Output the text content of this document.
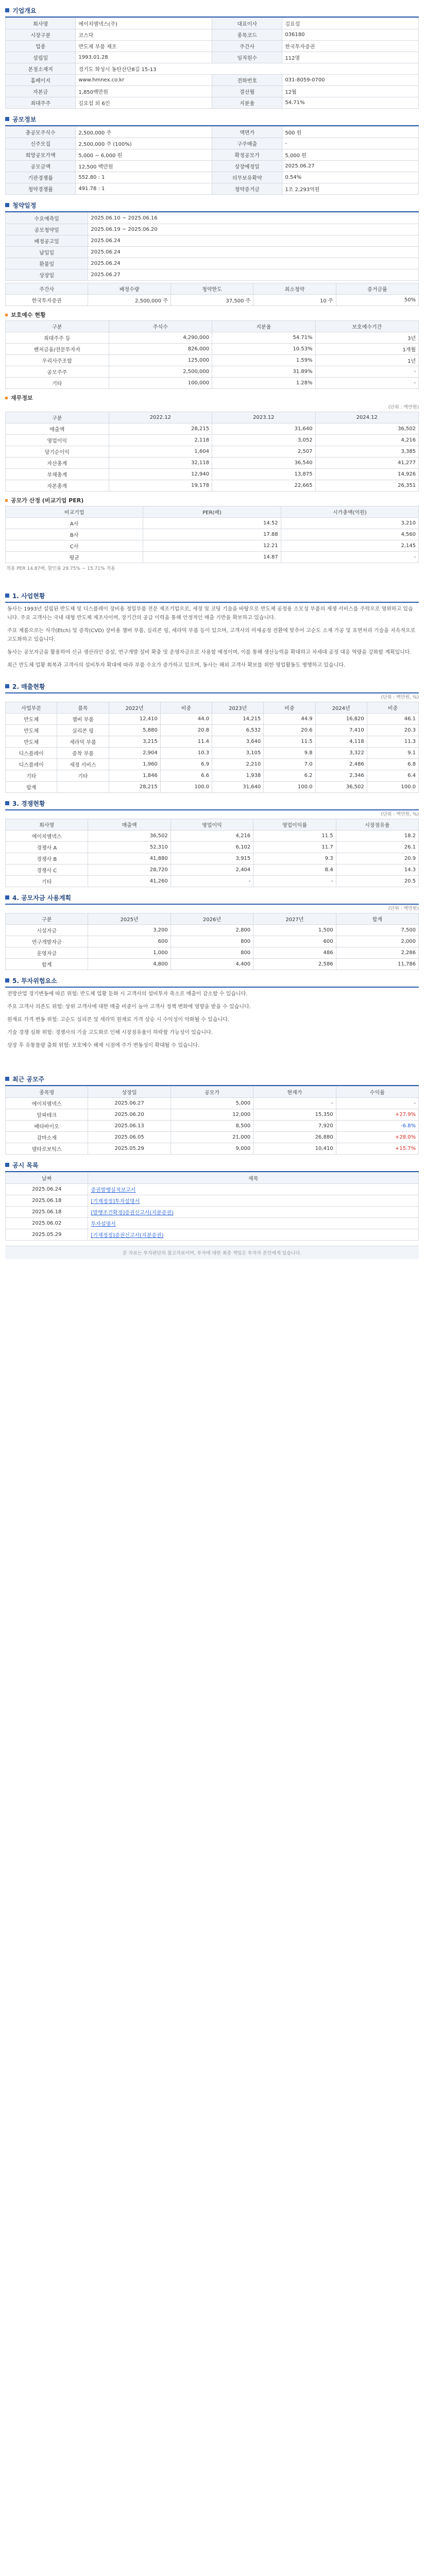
기업개요
회사명	에이치엠넥스(주)	대표이사	김요섭
시장구분	코스닥	종목코드	036180
업종	반도체 부품 제조	주간사	한국투자증권
설립일	1993.01.28	임직원수	112명
본점소재지	경기도 화성시 동탄산단8길 15-13		
홈페이지	www.hmnex.co.kr	전화번호	031-8059-0700
자본금	1,850백만원	결산월	12월
최대주주	김요섭 외 6인	지분율	54.71%
공모정보
총공모주식수	2,500,000 주	액면가	500 원
신주모집	2,500,000 주 (100%)	구주매출	-
희망공모가액	5,000 ~ 6,000 원	확정공모가	5,000 원
공모금액	12,500 백만원	상장예정일	2025.06.27
기관경쟁률	552.80 : 1	의무보유확약	0.54%
청약경쟁률	491.78 : 1	청약증거금	1조 2,293억원
청약일정
수요예측일	2025.06.10 ~ 2025.06.16
공모청약일	2025.06.19 ~ 2025.06.20
배정공고일	2025.06.24
납입일	2025.06.24
환불일	2025.06.24
상장일	2025.06.27
주간사	배정수량	청약한도	최소청약	증거금률
한국투자증권	2,500,000 주	37,500 주	10 주	50%
보호예수 현황
구분	주식수	지분율	보호예수기간
최대주주 등	4,290,000	54.71%	3년
벤처금융/전문투자자	826,000	10.53%	1개월
우리사주조합	125,000	1.59%	1년
공모주주	2,500,000	31.89%	-
기타	100,000	1.28%	-
재무정보
(단위 : 백만원)
구분	2022.12	2023.12	2024.12
매출액	28,215	31,640	36,502
영업이익	2,118	3,052	4,216
당기순이익	1,604	2,507	3,385
자산총계	32,118	36,540	41,277
부채총계	12,940	13,875	14,926
자본총계	19,178	22,665	26,351
공모가 산정 (비교기업 PER)
비교기업	PER(배)	시가총액(억원)
A사	14.52	3,210
B사	17.88	4,560
C사	12.21	2,145
평균	14.87	-
적용 PER 14.87배, 할인율 29.75% ~ 15.71% 적용
1. 사업현황

동사는 1993년 설립된 반도체 및 디스플레이 장비용 정밀부품 전문 제조기업으로, 세정 및 코팅 기술을 바탕으로 반도체 공정용 소모성 부품의 재생 서비스를 주력으로 영위하고 있습니다. 주요 고객사는 국내 대형 반도체 제조사이며, 장기간의 공급 이력을 통해 안정적인 매출 기반을 확보하고 있습니다.

주요 제품으로는 식각(Etch) 및 증착(CVD) 장비용 챔버 부품, 실리콘 링, 세라믹 부품 등이 있으며, 고객사의 미세공정 전환에 맞추어 고순도 소재 가공 및 표면처리 기술을 지속적으로 고도화하고 있습니다.

동사는 공모자금을 활용하여 신규 생산라인 증설, 연구개발 설비 확충 및 운영자금으로 사용할 예정이며, 이를 통해 생산능력을 확대하고 차세대 공정 대응 역량을 강화할 계획입니다.

최근 반도체 업황 회복과 고객사의 설비투자 확대에 따라 부품 수요가 증가하고 있으며, 동사는 해외 고객사 확보를 위한 영업활동도 병행하고 있습니다.

2. 매출현황
(단위 : 백만원, %)
사업부문	품목	2022년	비중	2023년	비중	2024년	비중
반도체	챔버 부품	12,410	44.0	14,215	44.9	16,820	46.1
반도체	실리콘 링	5,880	20.8	6,532	20.6	7,410	20.3
반도체	세라믹 부품	3,215	11.4	3,640	11.5	4,118	11.3
디스플레이	증착 부품	2,904	10.3	3,105	9.8	3,322	9.1
디스플레이	세정 서비스	1,960	6.9	2,210	7.0	2,486	6.8
기타	기타	1,846	6.6	1,938	6.2	2,346	6.4
합계		28,215	100.0	31,640	100.0	36,502	100.0
3. 경쟁현황
(단위 : 백만원, %)
회사명	매출액	영업이익	영업이익률	시장점유율
에이치엠넥스	36,502	4,216	11.5	18.2
경쟁사 A	52,310	6,102	11.7	26.1
경쟁사 B	41,880	3,915	9.3	20.9
경쟁사 C	28,720	2,404	8.4	14.3
기타	41,260	-	-	20.5
4. 공모자금 사용계획
(단위 : 백만원)
구분	2025년	2026년	2027년	합계
시설자금	3,200	2,800	1,500	7,500
연구개발자금	600	800	600	2,000
운영자금	1,000	800	486	2,286
합계	4,800	4,400	2,586	11,786
5. 투자위험요소

전방산업 경기변동에 따른 위험: 반도체 업황 둔화 시 고객사의 설비투자 축소로 매출이 감소할 수 있습니다.

주요 고객사 의존도 위험: 상위 고객사에 대한 매출 비중이 높아 고객사 정책 변화에 영향을 받을 수 있습니다.

원재료 가격 변동 위험: 고순도 실리콘 및 세라믹 원재료 가격 상승 시 수익성이 악화될 수 있습니다.

기술 경쟁 심화 위험: 경쟁사의 기술 고도화로 인해 시장점유율이 하락할 가능성이 있습니다.

상장 후 유통물량 출회 위험: 보호예수 해제 시점에 주가 변동성이 확대될 수 있습니다.

최근 공모주
종목명	상장일	공모가	현재가	수익률
에이치엠넥스	2025.06.27	5,000	-	-
알파테크	2025.06.20	12,000	15,350	+27.9%
베타바이오	2025.06.13	8,500	7,920	-6.8%
감마소재	2025.06.05	21,000	26,880	+28.0%
델타로보틱스	2025.05.29	9,000	10,410	+15.7%
공시 목록
날짜	제목
2025.06.24	증권발행실적보고서
2025.06.18	[기재정정]투자설명서
2025.06.18	[발행조건확정]증권신고서(지분증권)
2025.06.02	투자설명서
2025.05.29	[기재정정]증권신고서(지분증권)
본 자료는 투자판단의 참고자료이며, 투자에 대한 최종 책임은 투자자 본인에게 있습니다.
